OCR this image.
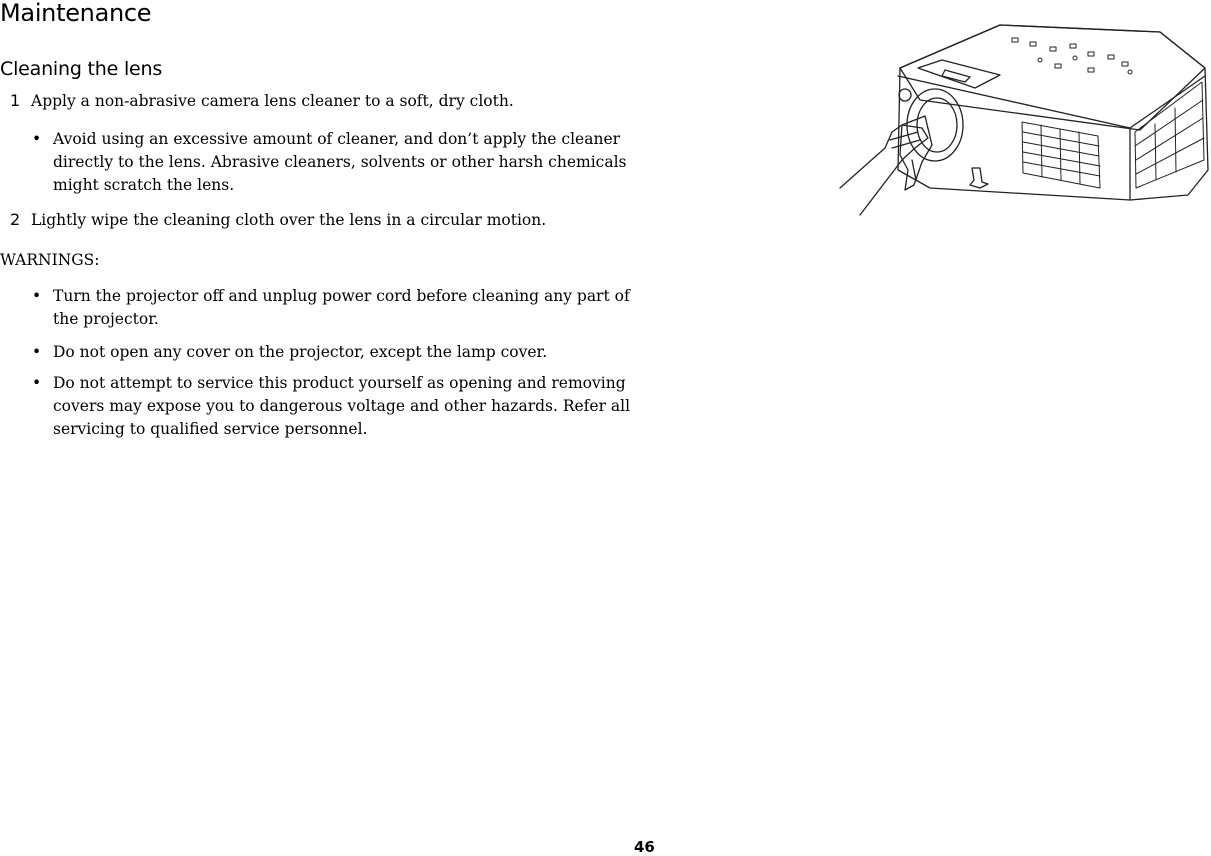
Maintenance
Cleaning the lens
1 Apply a non-abrasive camera lens cleaner to a soft, dry cloth.
• Avoid using an excessive amount of cleaner, and don’t apply the cleaner directly to the lens. Abrasive cleaners, solvents or other harsh chemicals might scratch the lens.
2 Lightly wipe the cleaning cloth over the lens in a circular motion.
WARNINGS:
• Turn the projector off and unplug power cord before cleaning any part of the projector.
• Do not open any cover on the projector, except the lamp cover.
• Do not attempt to service this product yourself as opening and removing covers may expose you to dangerous voltage and other hazards. Refer all servicing to qualified service personnel.
46
